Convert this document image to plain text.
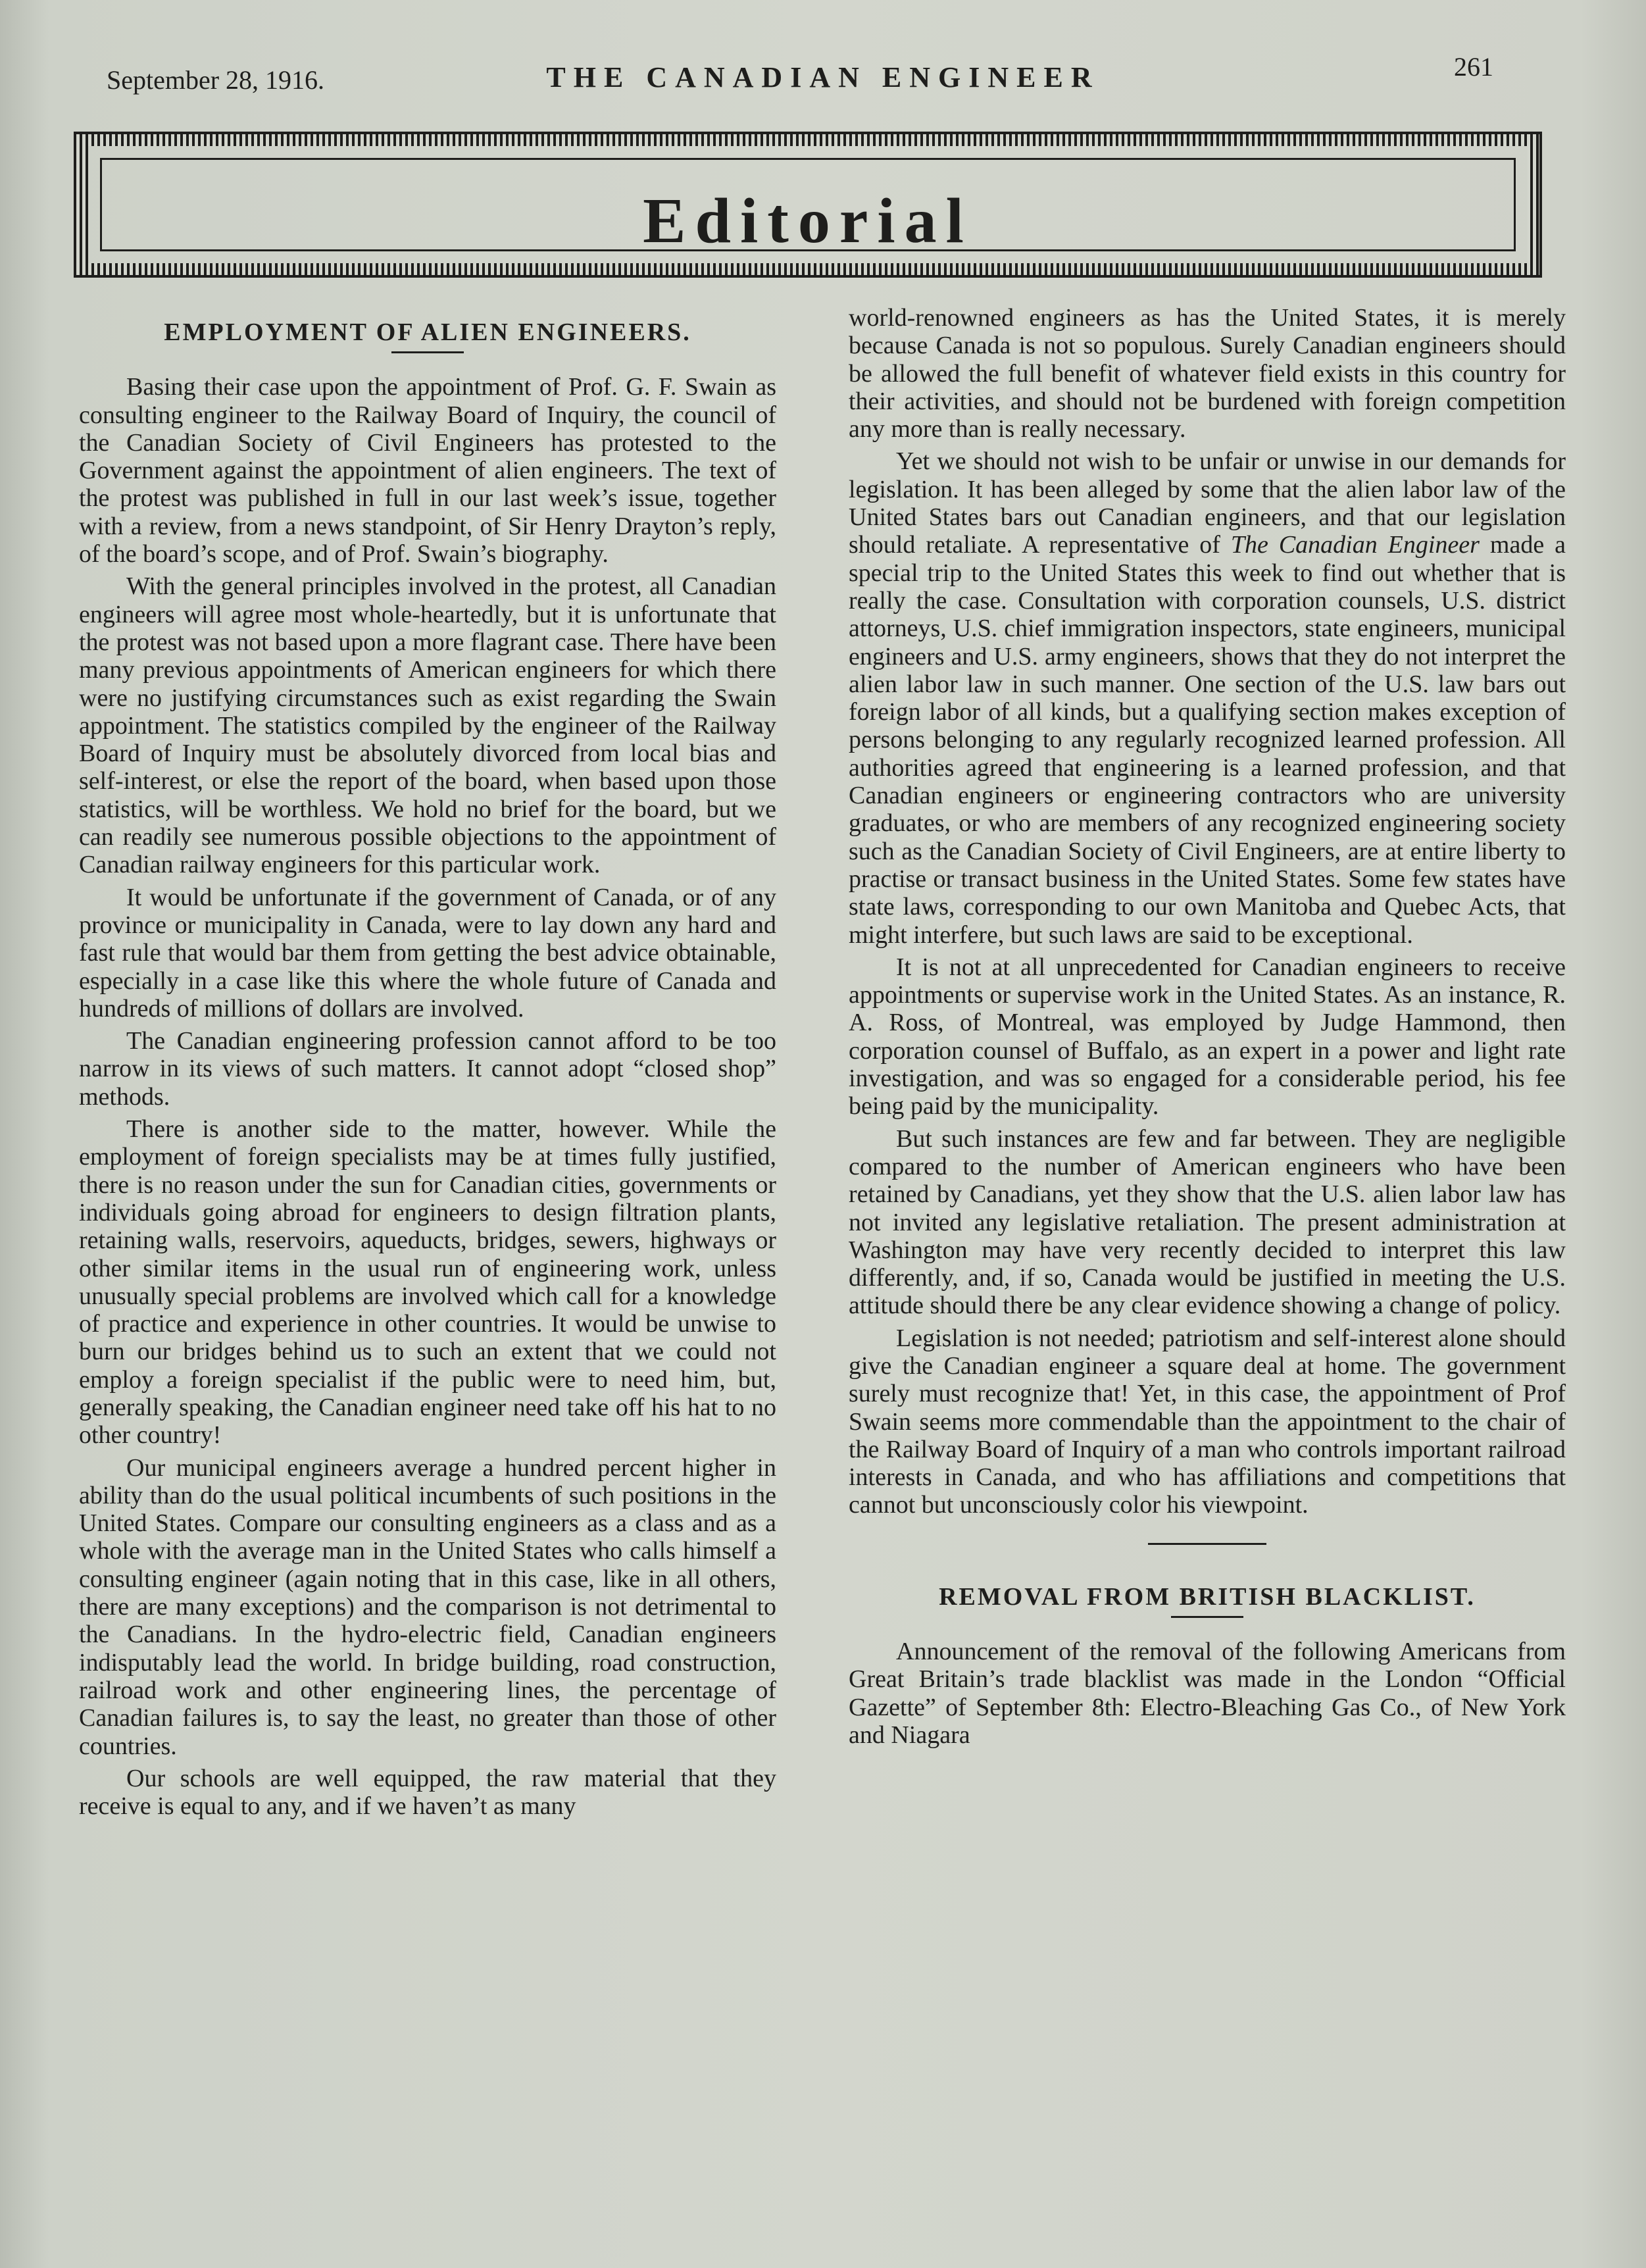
September 28, 1916.	THE CANADIAN ENGINEER	261
Editorial
EMPLOYMENT OF ALIEN ENGINEERS.

Basing their case upon the appointment of Prof. G. F. Swain as consulting engineer to the Railway Board of Inquiry, the council of the Canadian Society of Civil Engineers has protested to the Government against the appointment of alien engineers. The text of the protest was published in full in our last week’s issue, together with a review, from a news standpoint, of Sir Henry Drayton’s reply, of the board’s scope, and of Prof. Swain’s biography.

With the general principles involved in the protest, all Canadian engineers will agree most whole-heartedly, but it is unfortunate that the protest was not based upon a more flagrant case. There have been many previous appointments of American engineers for which there were no justifying circumstances such as exist regarding the Swain appointment. The statistics compiled by the engineer of the Railway Board of Inquiry must be absolutely divorced from local bias and self-interest, or else the report of the board, when based upon those statistics, will be worthless. We hold no brief for the board, but we can readily see numerous possible objections to the appointment of Canadian railway engineers for this particular work.

It would be unfortunate if the government of Canada, or of any province or municipality in Canada, were to lay down any hard and fast rule that would bar them from getting the best advice obtainable, especially in a case like this where the whole future of Canada and hundreds of millions of dollars are involved.

The Canadian engineering profession cannot afford to be too narrow in its views of such matters. It cannot adopt “closed shop” methods.

There is another side to the matter, however. While the employment of foreign specialists may be at times fully justified, there is no reason under the sun for Canadian cities, governments or individuals going abroad for engineers to design filtration plants, retaining walls, reservoirs, aqueducts, bridges, sewers, highways or other similar items in the usual run of engineering work, unless unusually special problems are involved which call for a knowledge of practice and experience in other countries. It would be unwise to burn our bridges behind us to such an extent that we could not employ a foreign specialist if the public were to need him, but, generally speaking, the Canadian engineer need take off his hat to no other country!

Our municipal engineers average a hundred percent higher in ability than do the usual political incumbents of such positions in the United States. Compare our consulting engineers as a class and as a whole with the average man in the United States who calls himself a consulting engineer (again noting that in this case, like in all others, there are many exceptions) and the comparison is not detrimental to the Canadians. In the hydro-electric field, Canadian engineers indisputably lead the world. In bridge building, road construction, railroad work and other engineering lines, the percentage of Canadian failures is, to say the least, no greater than those of other countries.

Our schools are well equipped, the raw material that they receive is equal to any, and if we haven’t as many

world-renowned engineers as has the United States, it is merely because Canada is not so populous. Surely Canadian engineers should be allowed the full benefit of whatever field exists in this country for their activities, and should not be burdened with foreign competition any more than is really necessary.

Yet we should not wish to be unfair or unwise in our demands for legislation. It has been alleged by some that the alien labor law of the United States bars out Canadian engineers, and that our legislation should retaliate. A representative of The Canadian Engineer made a special trip to the United States this week to find out whether that is really the case. Consultation with corporation counsels, U.S. district attorneys, U.S. chief immigration inspectors, state engineers, municipal engineers and U.S. army engineers, shows that they do not interpret the alien labor law in such manner. One section of the U.S. law bars out foreign labor of all kinds, but a qualifying section makes exception of persons belonging to any regularly recognized learned profession. All authorities agreed that engineering is a learned profession, and that Canadian engineers or engineering contractors who are university graduates, or who are members of any recognized engineering society such as the Canadian Society of Civil Engineers, are at entire liberty to practise or transact business in the United States. Some few states have state laws, corresponding to our own Manitoba and Quebec Acts, that might interfere, but such laws are said to be exceptional.

It is not at all unprecedented for Canadian engineers to receive appointments or supervise work in the United States. As an instance, R. A. Ross, of Montreal, was employed by Judge Hammond, then corporation counsel of Buffalo, as an expert in a power and light rate investigation, and was so engaged for a considerable period, his fee being paid by the municipality.

But such instances are few and far between. They are negligible compared to the number of American engineers who have been retained by Canadians, yet they show that the U.S. alien labor law has not invited any legislative retaliation. The present administration at Washington may have very recently decided to interpret this law differently, and, if so, Canada would be justified in meeting the U.S. attitude should there be any clear evidence showing a change of policy.

Legislation is not needed; patriotism and self-interest alone should give the Canadian engineer a square deal at home. The government surely must recognize that! Yet, in this case, the appointment of Prof Swain seems more commendable than the appointment to the chair of the Railway Board of Inquiry of a man who controls important railroad interests in Canada, and who has affiliations and competitions that cannot but unconsciously color his viewpoint.

REMOVAL FROM BRITISH BLACKLIST.

Announcement of the removal of the following Americans from Great Britain’s trade blacklist was made in the London “Official Gazette” of September 8th: Electro-Bleaching Gas Co., of New York and Niagara
